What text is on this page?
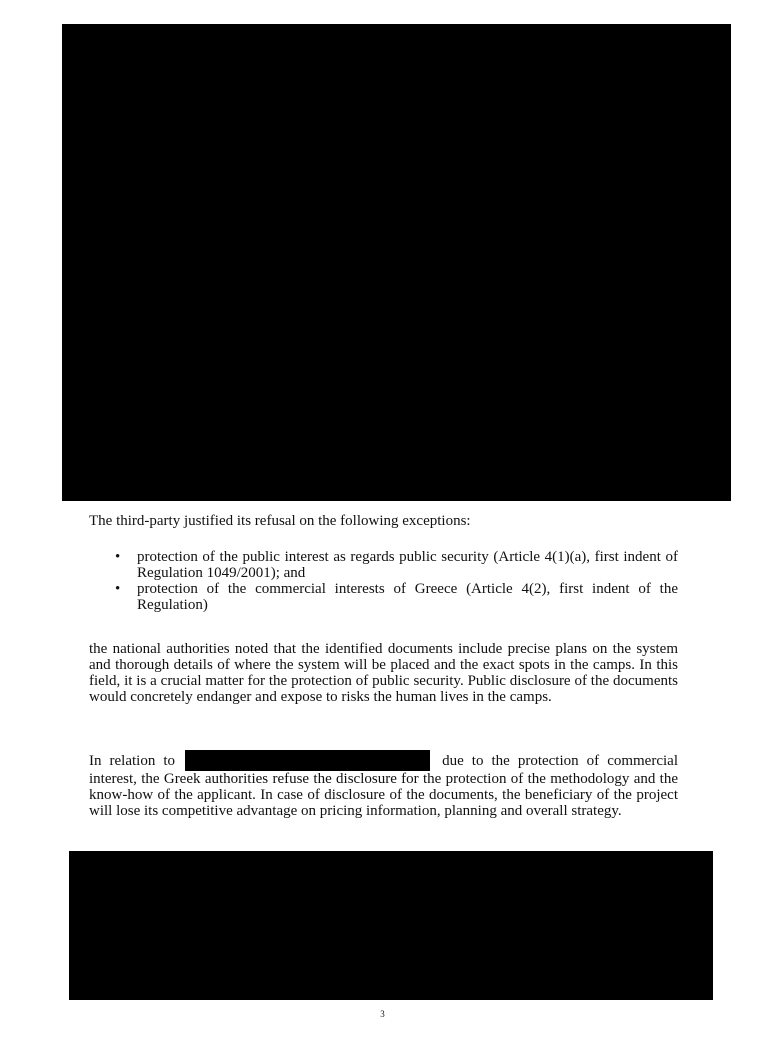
The third-party justified its refusal on the following exceptions:
• protection of the public interest as regards public security (Article 4(1)(a), first indent of Regulation 1049/2001); and
• protection of the commercial interests of Greece (Article 4(2), first indent of the Regulation)
the national authorities noted that the identified documents include precise plans on the system and thorough details of where the system will be placed and the exact spots in the camps. In this field, it is a crucial matter for the protection of public security. Public disclosure of the documents would concretely endanger and expose to risks the human lives in the camps.
In relation to	due to the protection of commercial interest, the Greek authorities refuse the disclosure for the protection of the methodology and the know-how of the applicant. In case of disclosure of the documents, the beneficiary of the project will lose its competitive advantage on pricing information, planning and overall strategy.
3
